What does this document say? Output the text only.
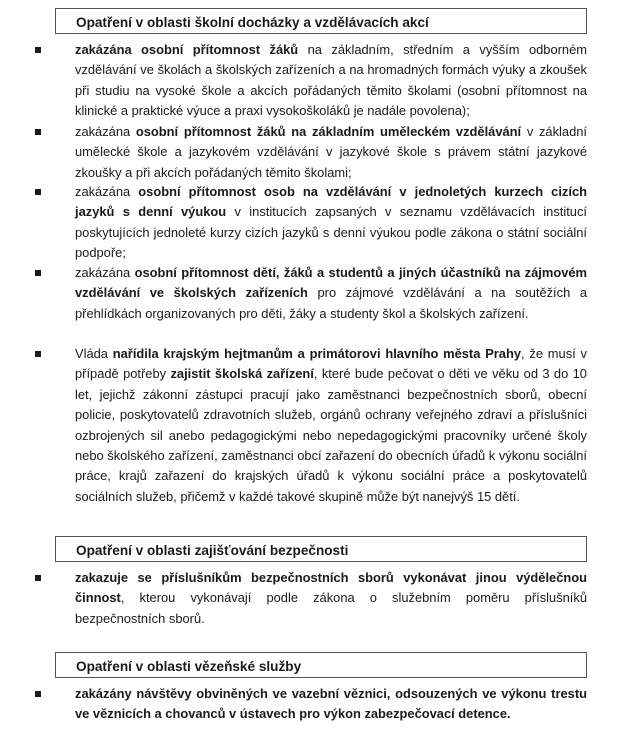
Opatření v oblasti školní docházky a vzdělávacích akcí
zakázána osobní přítomnost žáků na základním, středním a vyšším odborném vzdělávání ve školách a školských zařízeních a na hromadných formách výuky a zkoušek při studiu na vysoké škole a akcích pořádaných těmito školami (osobní přítomnost na klinické a praktické výuce a praxi vysokoškoláků je nadále povolena);
zakázána osobní přítomnost žáků na základním uměleckém vzdělávání v základní umělecké škole a jazykovém vzdělávání v jazykové škole s právem státní jazykové zkoušky a při akcích pořádaných těmito školami;
zakázána osobní přítomnost osob na vzdělávání v jednoletých kurzech cizích jazyků s denní výukou v institucích zapsaných v seznamu vzdělávacích institucí poskytujících jednoleté kurzy cizích jazyků s denní výukou podle zákona o státní sociální podpoře;
zakázána osobní přítomnost dětí, žáků a studentů a jiných účastníků na zájmovém vzdělávání ve školských zařízeních pro zájmové vzdělávání a na soutěžích a přehlídkách organizovaných pro děti, žáky a studenty škol a školských zařízení.
Vláda nařídila krajským hejtmanům a primátorovi hlavního města Prahy, že musí v případě potřeby zajistit školská zařízení, které bude pečovat o děti ve věku od 3 do 10 let, jejichž zákonní zástupci pracují jako zaměstnanci bezpečnostních sborů, obecní policie, poskytovatelů zdravotních služeb, orgánů ochrany veřejného zdraví a příslušníci ozbrojených sil anebo pedagogickými nebo nepedagogickými pracovníky určené školy nebo školského zařízení, zaměstnanci obcí zařazení do obecních úřadů k výkonu sociální práce, krajů zařazení do krajských úřadů k výkonu sociální práce a poskytovatelů sociálních služeb, přičemž v každé takové skupině může být nanejvýš 15 dětí.
Opatření v oblasti zajišťování bezpečnosti
zakazuje se příslušníkům bezpečnostních sborů vykonávat jinou výdělečnou činnost, kterou vykonávají podle zákona o služebním poměru příslušníků bezpečnostních sborů.
Opatření v oblasti vězeňské služby
zakázány návštěvy obviněných ve vazební věznici, odsouzených ve výkonu trestu ve věznicích a chovanců v ústavech pro výkon zabezpečovací detence.
